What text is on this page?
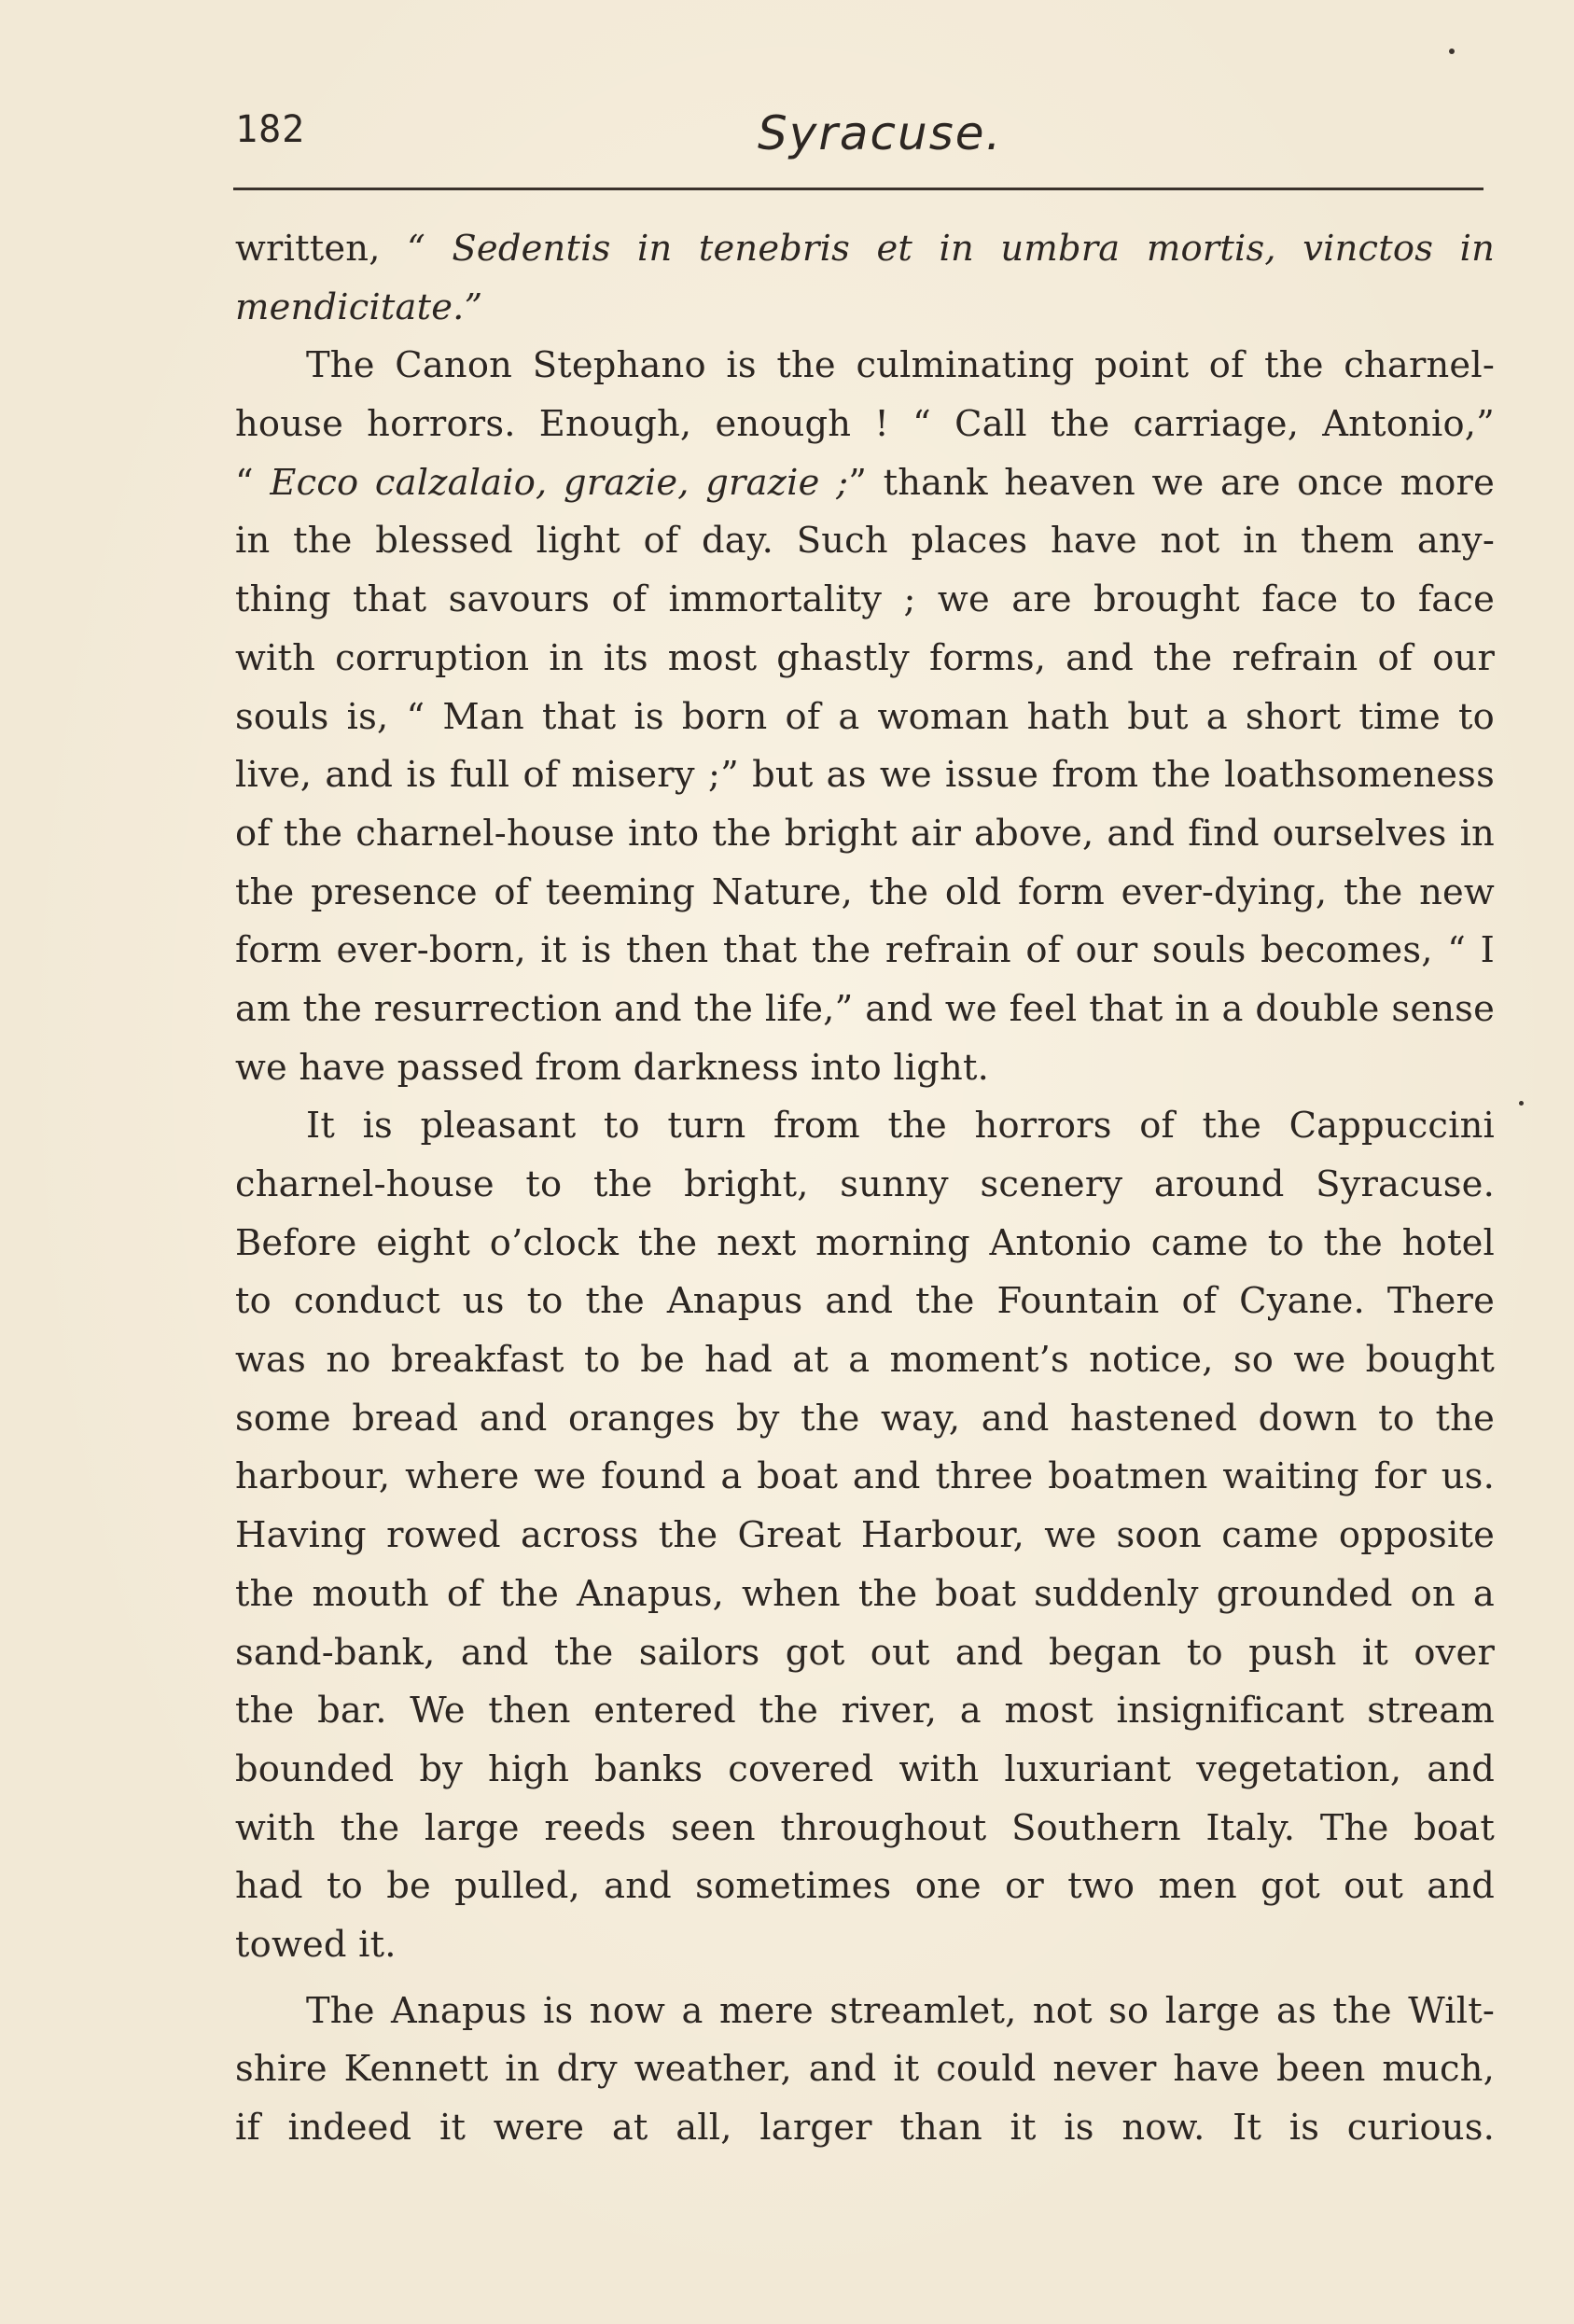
182	Syracuse.
written, “ Sedentis in tenebris et in umbra mortis, vinctos in
mendicitate.”
The Canon Stephano is the culminating point of the charnel-
house horrors. Enough, enough ! “ Call the carriage, Antonio,”
“ Ecco calzalaio, grazie, grazie ;” thank heaven we are once more
in the blessed light of day. Such places have not in them any-
thing that savours of immortality ; we are brought face to face
with corruption in its most ghastly forms, and the refrain of our
souls is, “ Man that is born of a woman hath but a short time to
live, and is full of misery ;” but as we issue from the loathsomeness
of the charnel-house into the bright air above, and find ourselves in
the presence of teeming Nature, the old form ever-dying, the new
form ever-born, it is then that the refrain of our souls becomes, “ I
am the resurrection and the life,” and we feel that in a double sense
we have passed from darkness into light.
It is pleasant to turn from the horrors of the Cappuccini
charnel-house to the bright, sunny scenery around Syracuse.
Before eight o’clock the next morning Antonio came to the hotel
to conduct us to the Anapus and the Fountain of Cyane. There
was no breakfast to be had at a moment’s notice, so we bought
some bread and oranges by the way, and hastened down to the
harbour, where we found a boat and three boatmen waiting for us.
Having rowed across the Great Harbour, we soon came opposite
the mouth of the Anapus, when the boat suddenly grounded on a
sand-bank, and the sailors got out and began to push it over
the bar. We then entered the river, a most insignificant stream
bounded by high banks covered with luxuriant vegetation, and
with the large reeds seen throughout Southern Italy. The boat
had to be pulled, and sometimes one or two men got out and
towed it.
The Anapus is now a mere streamlet, not so large as the Wilt-
shire Kennett in dry weather, and it could never have been much,
if indeed it were at all, larger than it is now. It is curious.
